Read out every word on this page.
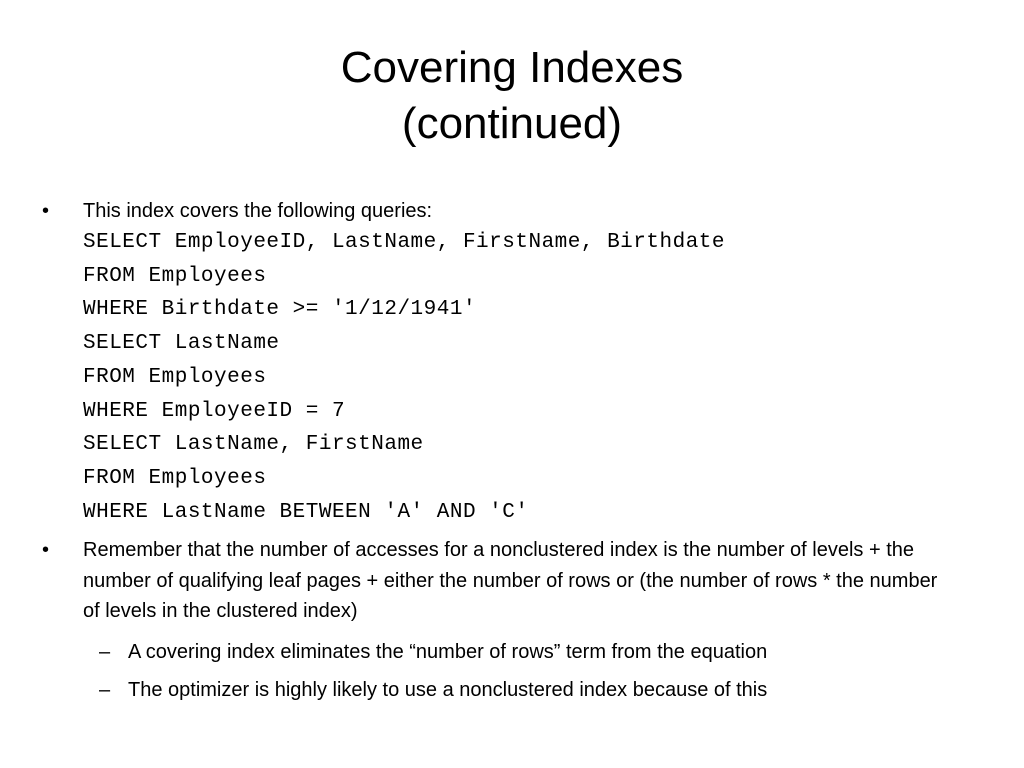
Covering Indexes
(continued)
•	This index covers the following queries:
SELECT EmployeeID, LastName, FirstName, Birthdate
FROM Employees
WHERE Birthdate >= '1/12/1941'
SELECT LastName
FROM Employees
WHERE EmployeeID = 7
SELECT LastName, FirstName
FROM Employees
WHERE LastName BETWEEN 'A' AND 'C'
•	Remember that the number of accesses for a nonclustered index is the number of levels + the number of qualifying leaf pages + either the number of rows or (the number of rows * the number of levels in the clustered index)
– A covering index eliminates the “number of rows” term from the equation
– The optimizer is highly likely to use a nonclustered index because of this
